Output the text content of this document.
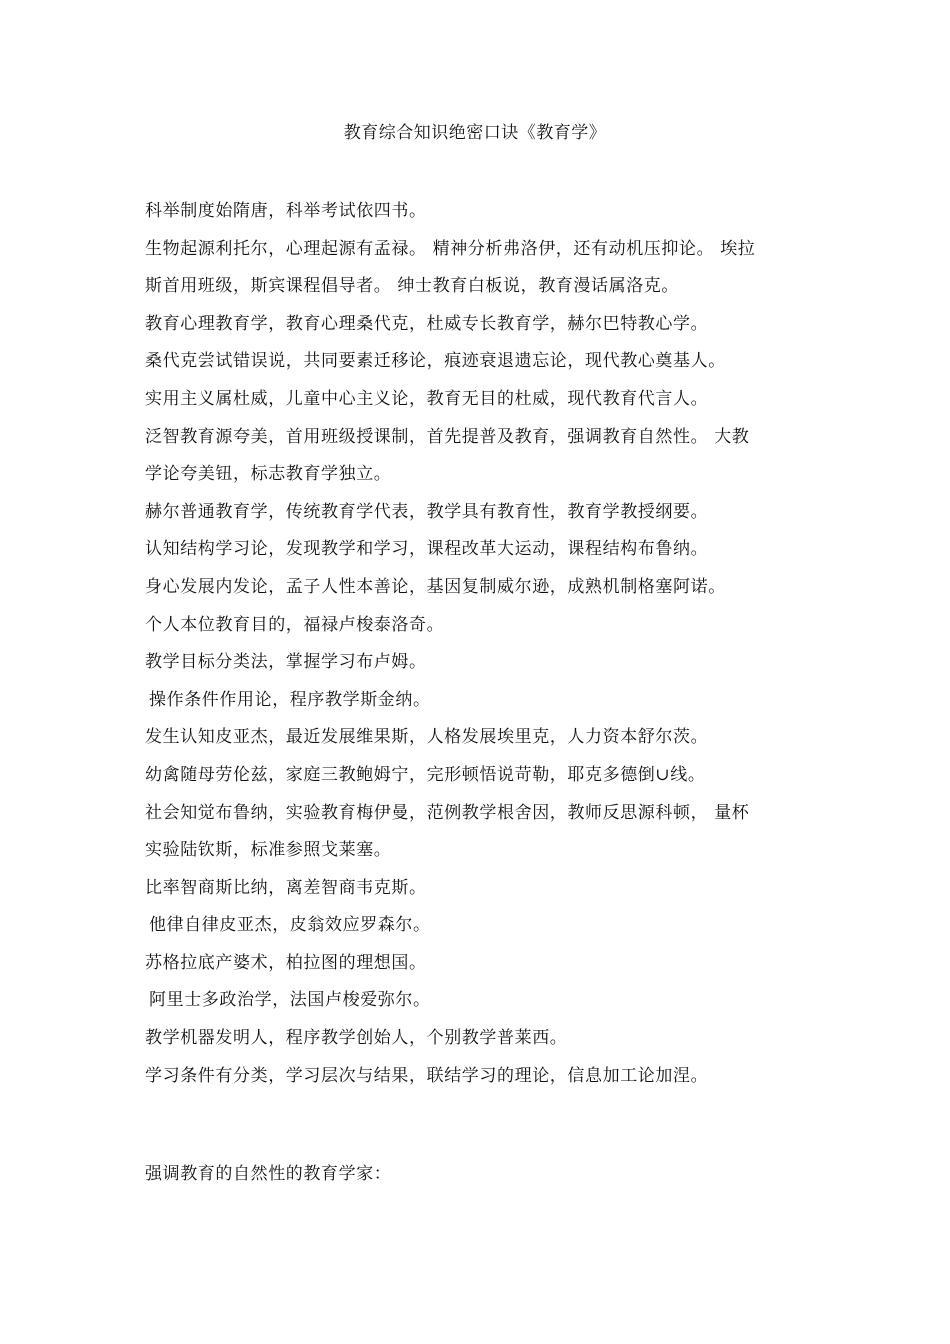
教育综合知识绝密口诀《教育学》
科举制度始隋唐，科举考试依四书。
生物起源利托尔，心理起源有孟禄。 精神分析弗洛伊，还有动机压抑论。 埃拉
斯首用班级，斯宾课程倡导者。 绅士教育白板说，教育漫话属洛克。
教育心理教育学，教育心理桑代克，杜威专长教育学，赫尔巴特教心学。
桑代克尝试错误说，共同要素迁移论，痕迹衰退遗忘论，现代教心奠基人。
实用主义属杜威，儿童中心主义论，教育无目的杜威，现代教育代言人。
泛智教育源夸美，首用班级授课制，首先提普及教育，强调教育自然性。 大教
学论夸美钮，标志教育学独立。
赫尔普通教育学，传统教育学代表，教学具有教育性，教育学教授纲要。
认知结构学习论，发现教学和学习，课程改革大运动，课程结构布鲁纳。
身心发展内发论，孟子人性本善论，基因复制威尔逊，成熟机制格塞阿诺。
个人本位教育目的，福禄卢梭泰洛奇。
教学目标分类法，掌握学习布卢姆。
操作条件作用论，程序教学斯金纳。
发生认知皮亚杰，最近发展维果斯，人格发展埃里克，人力资本舒尔茨。
幼禽随母劳伦兹，家庭三教鲍姆宁，完形顿悟说苛勒，耶克多德倒∪线。
社会知觉布鲁纳，实验教育梅伊曼，范例教学根舍因，教师反思源科顿， 量杯
实验陆钦斯，标准参照戈莱塞。
比率智商斯比纳，离差智商韦克斯。
他律自律皮亚杰，皮翁效应罗森尔。
苏格拉底产婆术，柏拉图的理想国。
阿里士多政治学，法国卢梭爱弥尔。
教学机器发明人，程序教学创始人，个别教学普莱西。
学习条件有分类，学习层次与结果，联结学习的理论，信息加工论加涅。
强调教育的自然性的教育学家：
